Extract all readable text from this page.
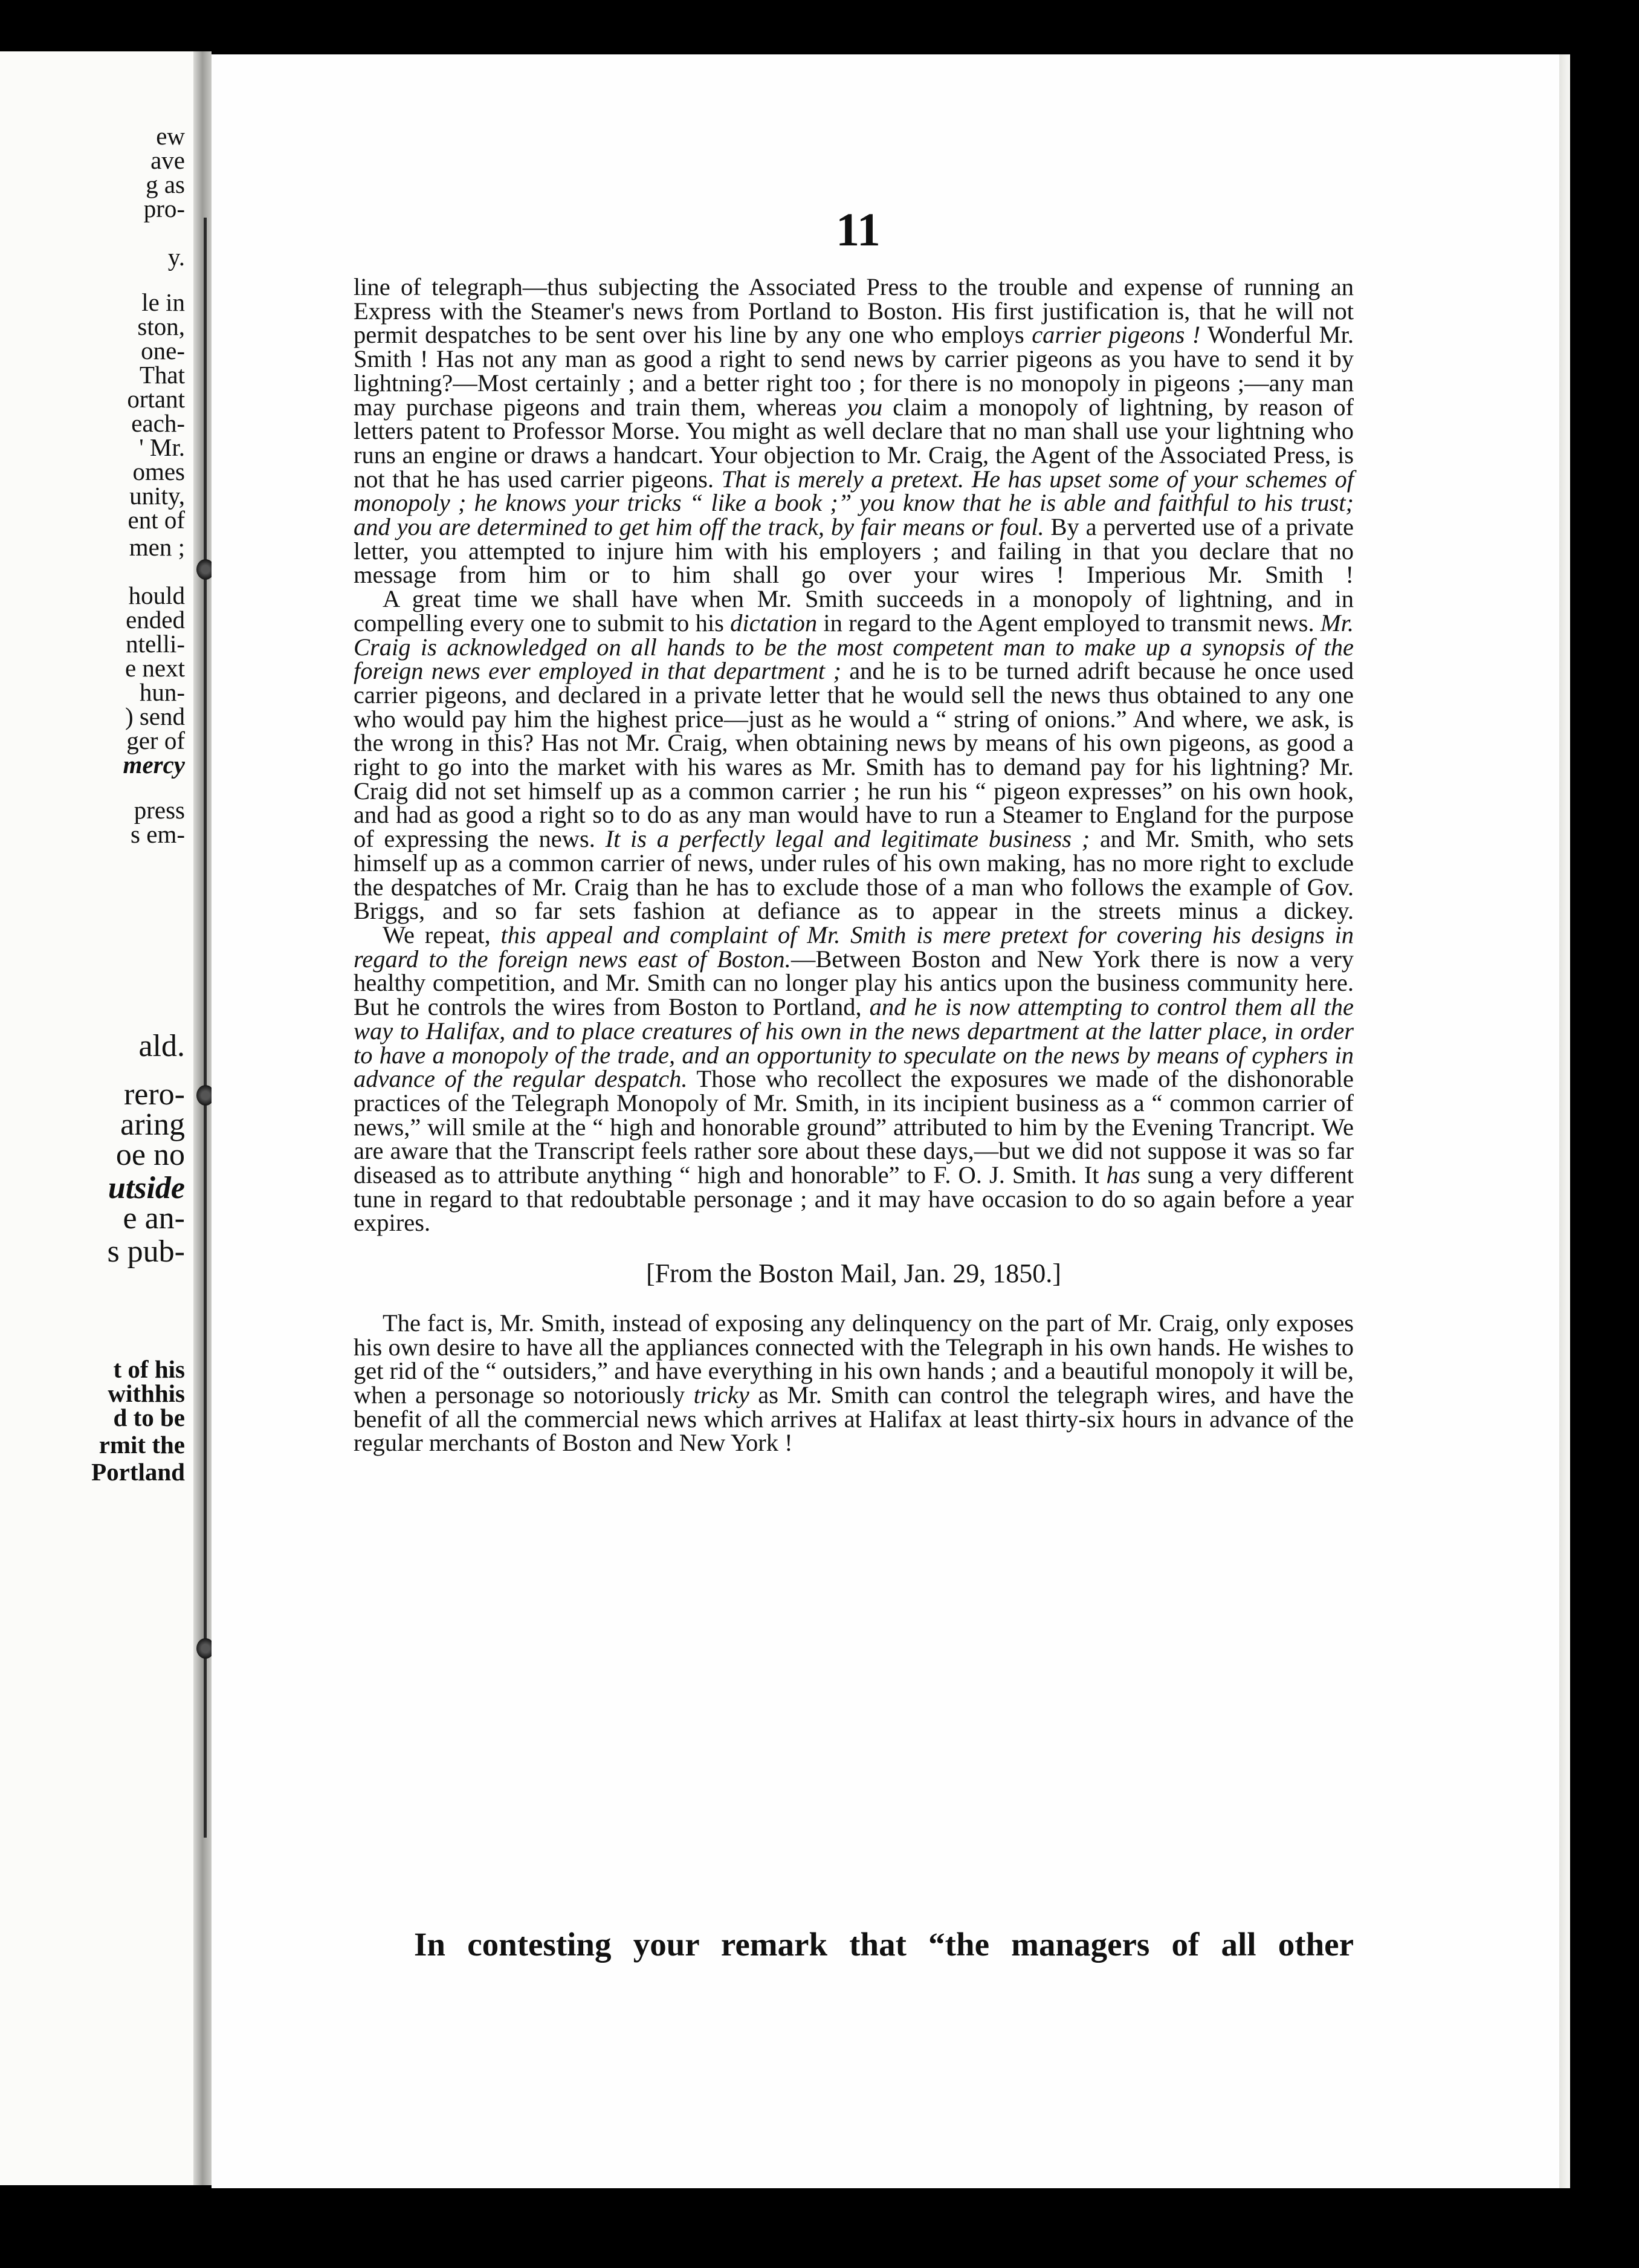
ew
ave
g as
pro-
y.
le in
ston,
one-
That
ortant
each-
' Mr.
omes
unity,
ent of
men ;
hould
ended
ntelli-
e next
hun-
) send
ger of
mercy
press
s em-
ald.
rero-
aring
oe no
utside
e an-
s pub-
t of his
withhis
d to be
rmit the
Portland
11

line of telegraph—thus subjecting the Associated Press to the trouble and expense of running an Express with the Steamer's news from Portland to Boston. His first justification is, that he will not permit despatches to be sent over his line by any one who employs carrier pigeons ! Wonderful Mr. Smith ! Has not any man as good a right to send news by carrier pigeons as you have to send it by lightning?—Most certainly ; and a better right too ; for there is no monopoly in pigeons ;—any man may purchase pigeons and train them, whereas you claim a monopoly of lightning, by reason of letters patent to Professor Morse. You might as well declare that no man shall use your lightning who runs an engine or draws a handcart. Your objection to Mr. Craig, the Agent of the Associated Press, is not that he has used carrier pigeons. That is merely a pretext. He has upset some of your schemes of monopoly ; he knows your tricks “ like a book ;” you know that he is able and faithful to his trust; and you are determined to get him off the track, by fair means or foul. By a perverted use of a private letter, you attempted to injure him with his employers ; and failing in that you declare that no message from him or to him shall go over your wires ! Imperious Mr. Smith !

A great time we shall have when Mr. Smith succeeds in a monopoly of lightning, and in compelling every one to submit to his dictation in regard to the Agent employed to transmit news. Mr. Craig is acknowledged on all hands to be the most competent man to make up a synopsis of the foreign news ever employed in that department ; and he is to be turned adrift because he once used carrier pigeons, and declared in a private letter that he would sell the news thus obtained to any one who would pay him the highest price—just as he would a “ string of onions.” And where, we ask, is the wrong in this? Has not Mr. Craig, when obtaining news by means of his own pigeons, as good a right to go into the market with his wares as Mr. Smith has to demand pay for his lightning? Mr. Craig did not set himself up as a common carrier ; he run his “ pigeon expresses” on his own hook, and had as good a right so to do as any man would have to run a Steamer to England for the purpose of expressing the news. It is a perfectly legal and legitimate business ; and Mr. Smith, who sets himself up as a common carrier of news, under rules of his own making, has no more right to exclude the despatches of Mr. Craig than he has to exclude those of a man who follows the example of Gov. Briggs, and so far sets fashion at defiance as to appear in the streets minus a dickey.

We repeat, this appeal and complaint of Mr. Smith is mere pretext for covering his designs in regard to the foreign news east of Boston.—Between Boston and New York there is now a very healthy competition, and Mr. Smith can no longer play his antics upon the business community here. But he controls the wires from Boston to Portland, and he is now attempting to control them all the way to Halifax, and to place creatures of his own in the news department at the latter place, in order to have a monopoly of the trade, and an opportunity to speculate on the news by means of cyphers in advance of the regular despatch. Those who recollect the exposures we made of the dishonorable practices of the Telegraph Monopoly of Mr. Smith, in its incipient business as a “ common carrier of news,” will smile at the “ high and honorable ground” attributed to him by the Evening Trancript. We are aware that the Transcript feels rather sore about these days,—but we did not suppose it was so far diseased as to attribute anything “ high and honorable” to F. O. J. Smith. It has sung a very different tune in regard to that redoubtable personage ; and it may have occasion to do so again before a year expires.

[From the Boston Mail, Jan. 29, 1850.]

The fact is, Mr. Smith, instead of exposing any delinquency on the part of Mr. Craig, only exposes his own desire to have all the appliances connected with the Telegraph in his own hands. He wishes to get rid of the “ outsiders,” and have everything in his own hands ; and a beautiful monopoly it will be, when a personage so notoriously tricky as Mr. Smith can control the telegraph wires, and have the benefit of all the commercial news which arrives at Halifax at least thirty-six hours in advance of the regular merchants of Boston and New York !

In contesting your remark that “the managers of all other
